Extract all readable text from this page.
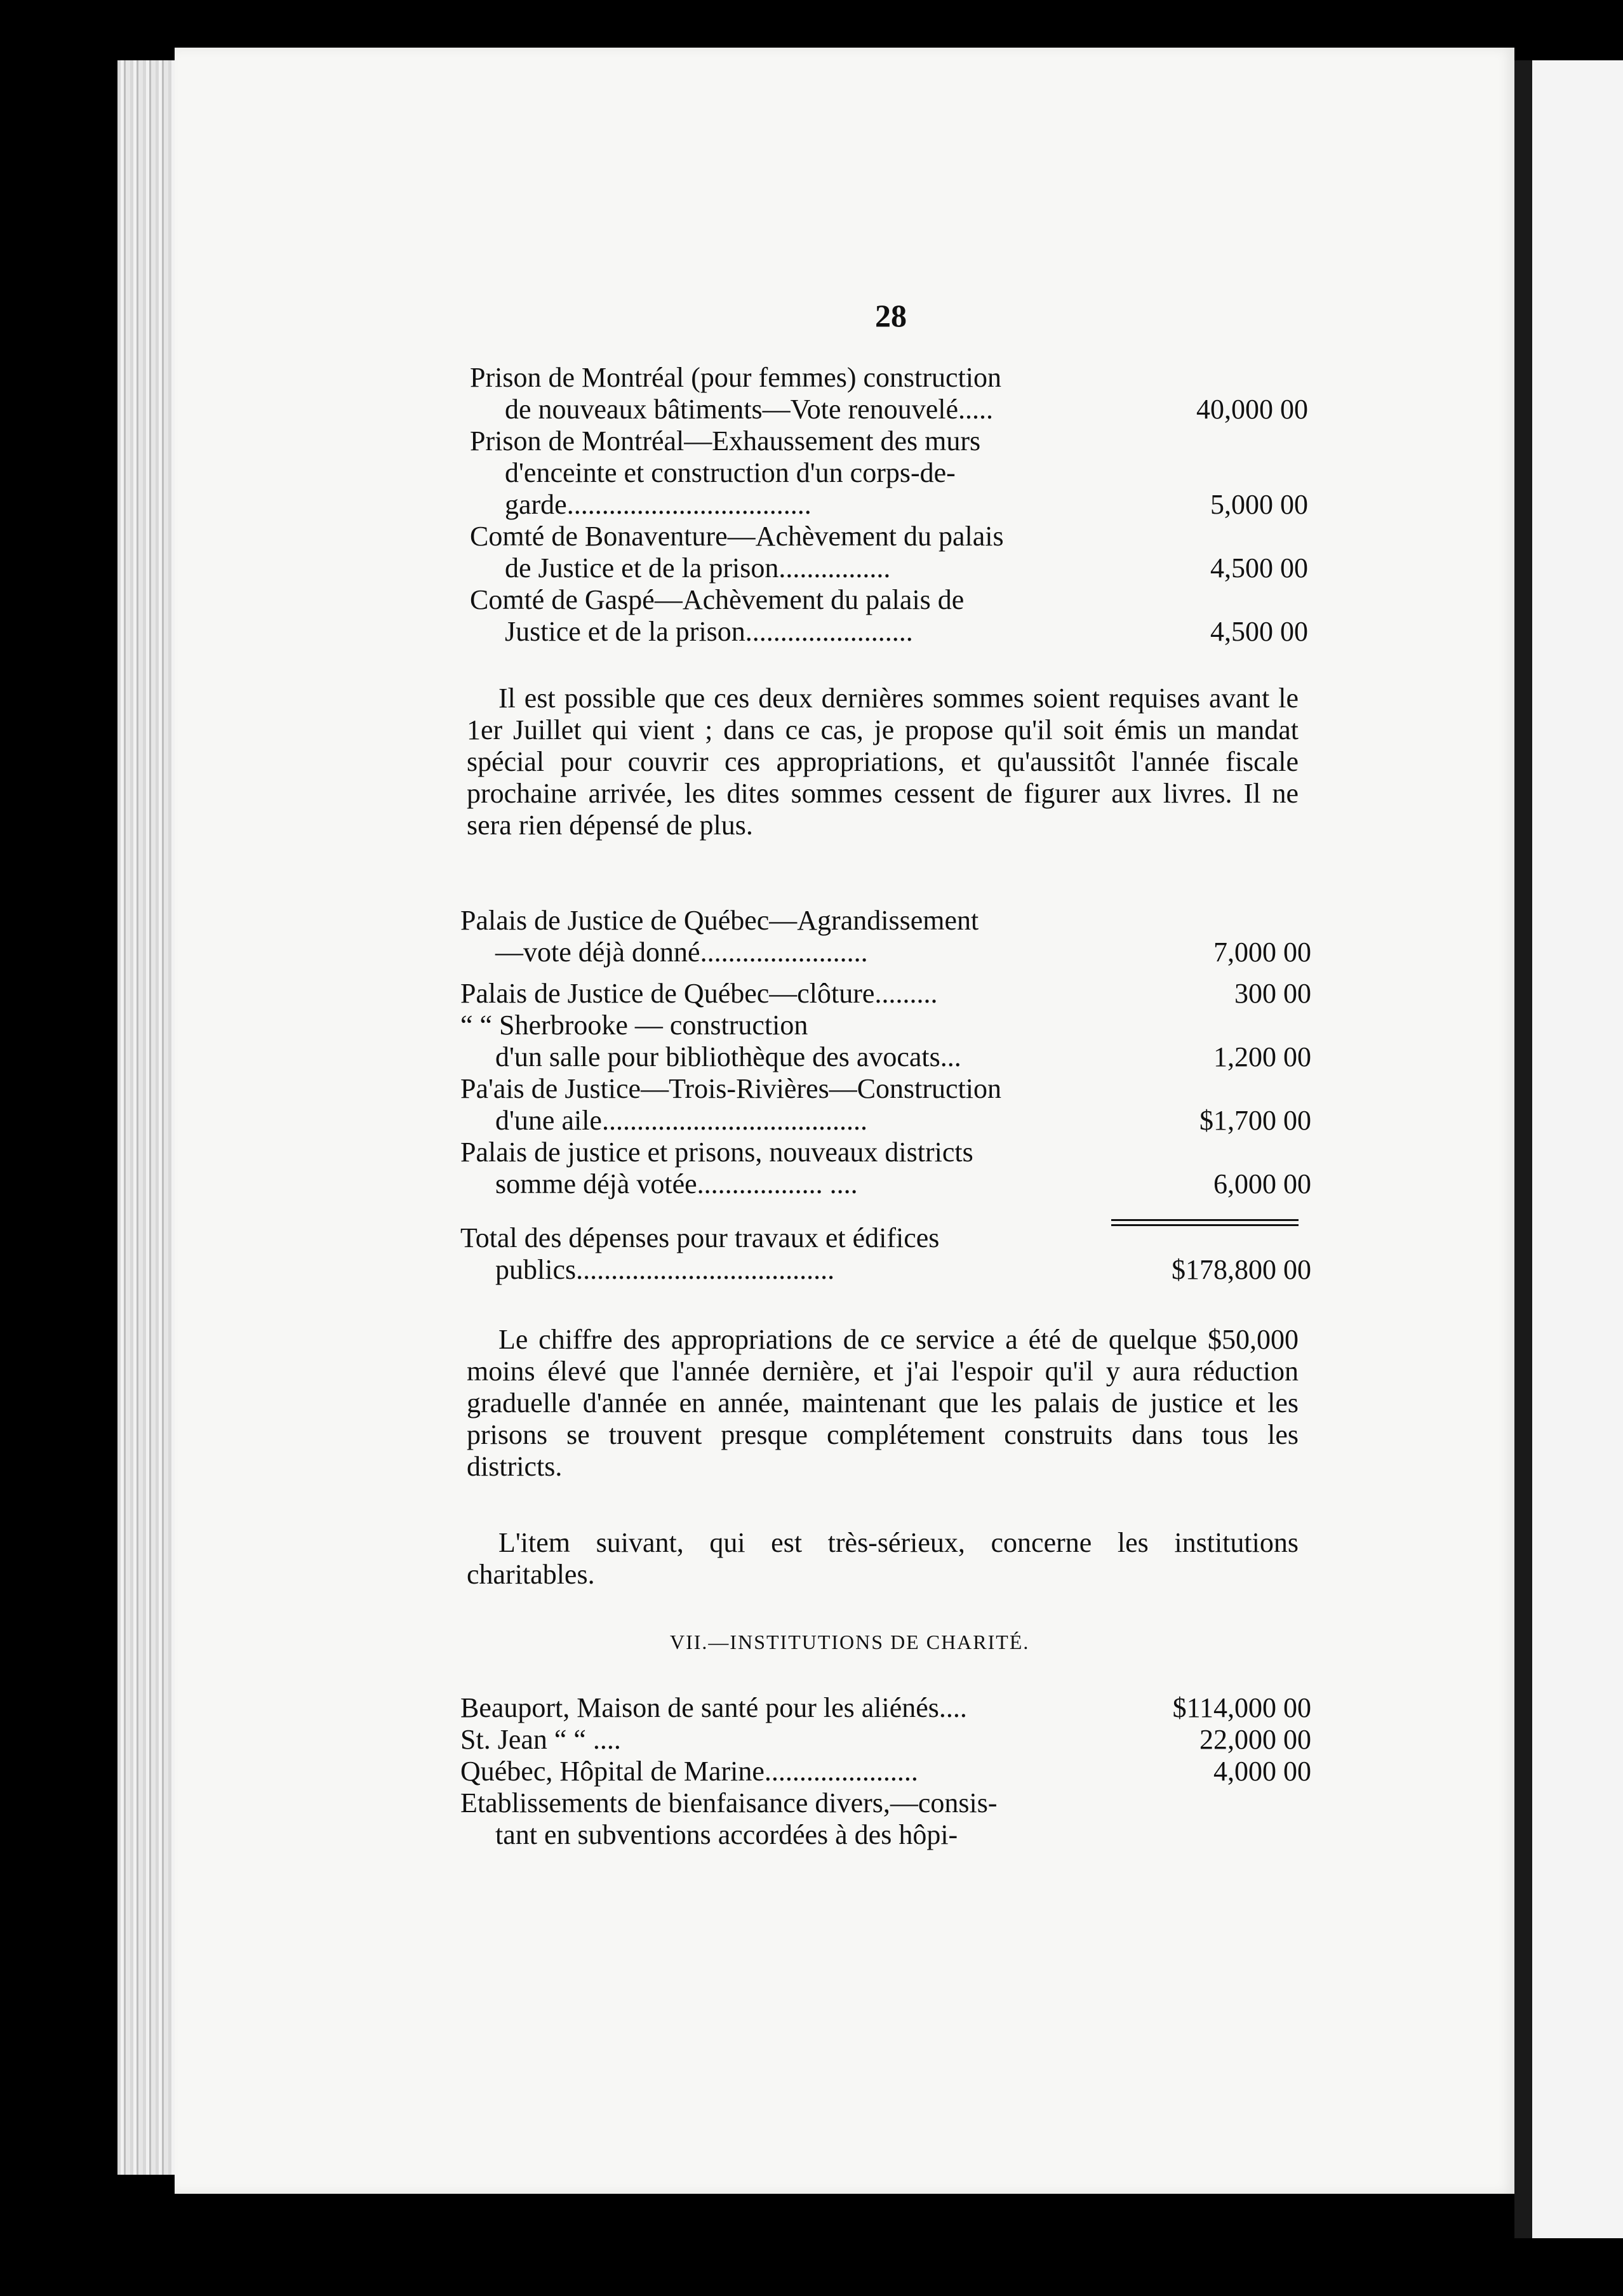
28
Prison de Montréal (pour femmes) construction
de nouveaux bâtiments—Vote renouvelé.....	40,000 00
Prison de Montréal—Exhaussement des murs
d'enceinte et construction d'un corps-de-
garde...................................	5,000 00
Comté de Bonaventure—Achèvement du palais
de Justice et de la prison................	4,500 00
Comté de Gaspé—Achèvement du palais de
Justice et de la prison........................	4,500 00

Il est possible que ces deux dernières sommes soient requises avant le 1er Juillet qui vient ; dans ce cas, je propose qu'il soit émis un mandat spécial pour couvrir ces appropriations, et qu'aussitôt l'année fiscale prochaine arrivée, les dites sommes cessent de figurer aux livres. Il ne sera rien dépensé de plus.

Palais de Justice de Québec—Agrandissement
—vote déjà donné........................	7,000 00
Palais de Justice de Québec—clôture.........	300 00
“ “ Sherbrooke — construction
d'un salle pour bibliothèque des avocats...	1,200 00
Pa'ais de Justice—Trois-Rivières—Construction
d'une aile......................................	$1,700 00
Palais de justice et prisons, nouveaux districts
somme déjà votée.................. ....	6,000 00
Total des dépenses pour travaux et édifices
publics.....................................	$178,800 00

Le chiffre des appropriations de ce service a été de quelque $50,000 moins élevé que l'année dernière, et j'ai l'espoir qu'il y aura réduction graduelle d'année en année, maintenant que les palais de justice et les prisons se trouvent presque complétement construits dans tous les districts.

L'item suivant, qui est très-sérieux, concerne les institutions charitables.

VII.—INSTITUTIONS DE CHARITÉ.
Beauport, Maison de santé pour les aliénés....	$114,000 00
St. Jean “ “ ....	22,000 00
Québec, Hôpital de Marine......................	4,000 00
Etablissements de bienfaisance divers,—consis-
tant en subventions accordées à des hôpi-
